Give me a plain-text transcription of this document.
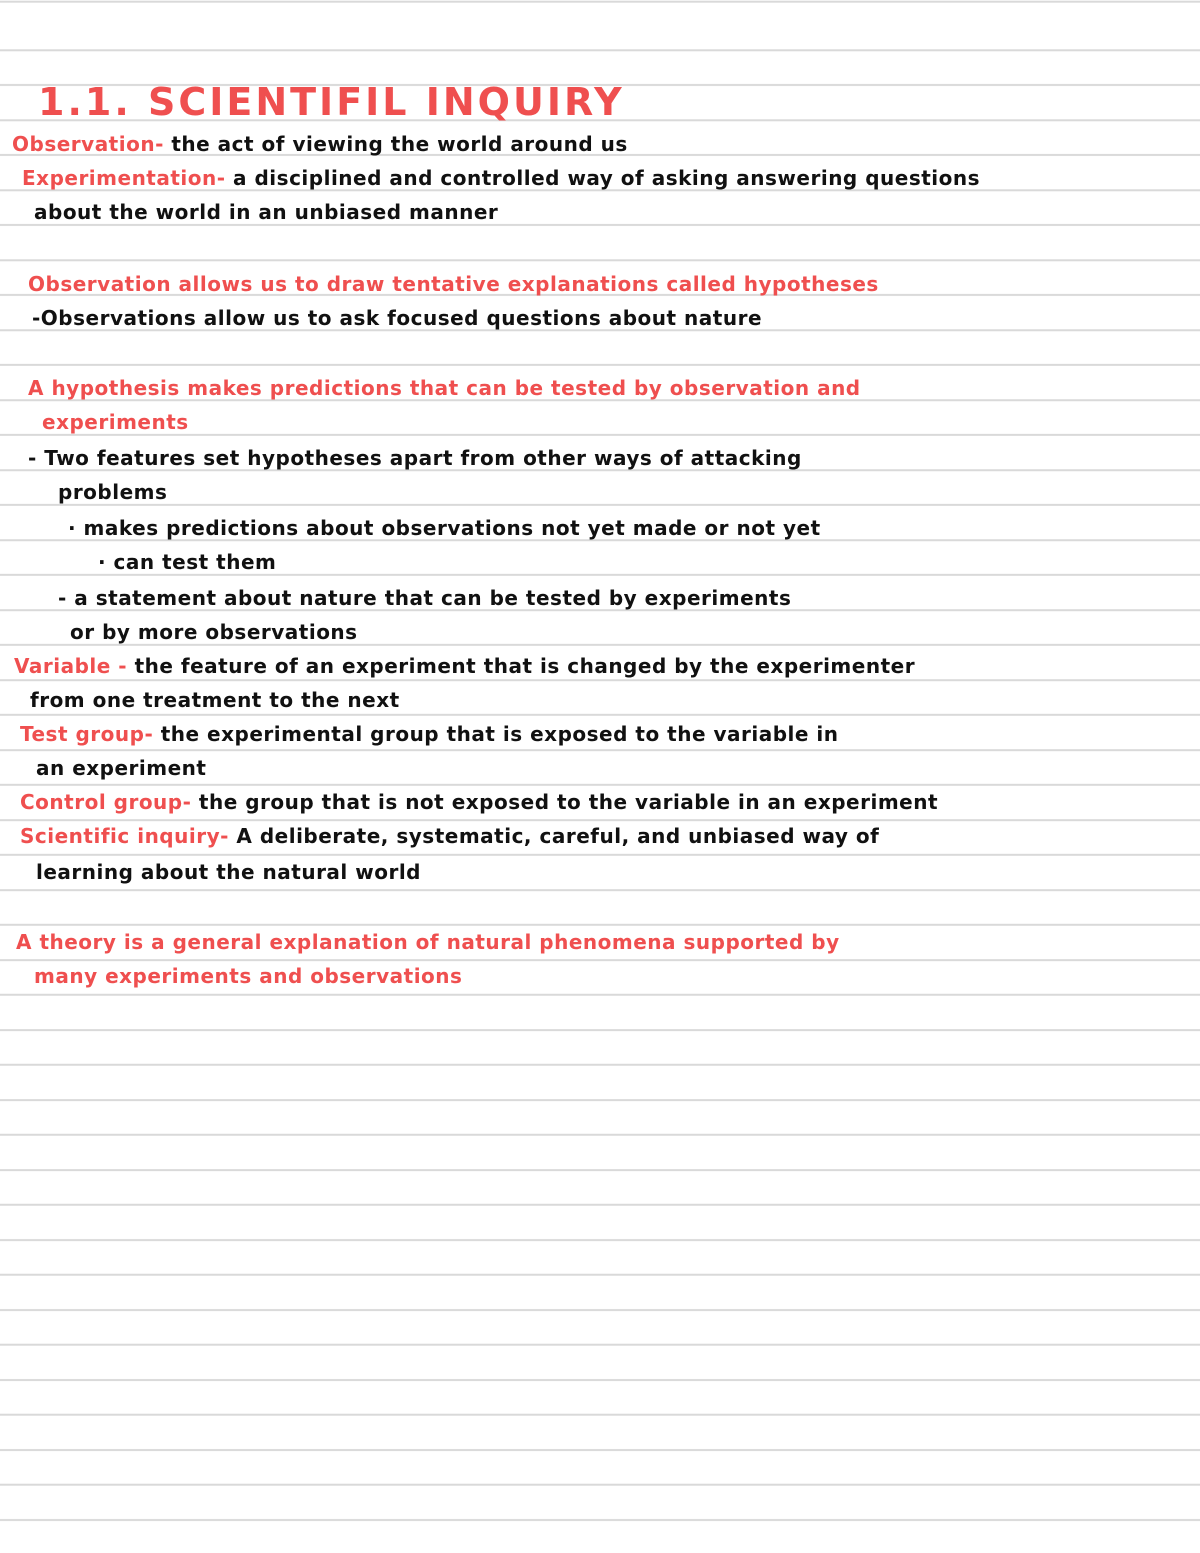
1.1. SCIENTIFIL INQUIRY
Observation- the act of viewing the world around us
Experimentation- a disciplined and controlled way of asking answering questions
about the world in an unbiased manner
Observation allows us to draw tentative explanations called hypotheses
-Observations allow us to ask focused questions about nature
A hypothesis makes predictions that can be tested by observation and
experiments
- Two features set hypotheses apart from other ways of attacking
problems
· makes predictions about observations not yet made or not yet
· can test them
- a statement about nature that can be tested by experiments
or by more observations
Variable - the feature of an experiment that is changed by the experimenter
from one treatment to the next
Test group- the experimental group that is exposed to the variable in
an experiment
Control group- the group that is not exposed to the variable in an experiment
Scientific inquiry- A deliberate, systematic, careful, and unbiased way of
learning about the natural world
A theory is a general explanation of natural phenomena supported by
many experiments and observations
